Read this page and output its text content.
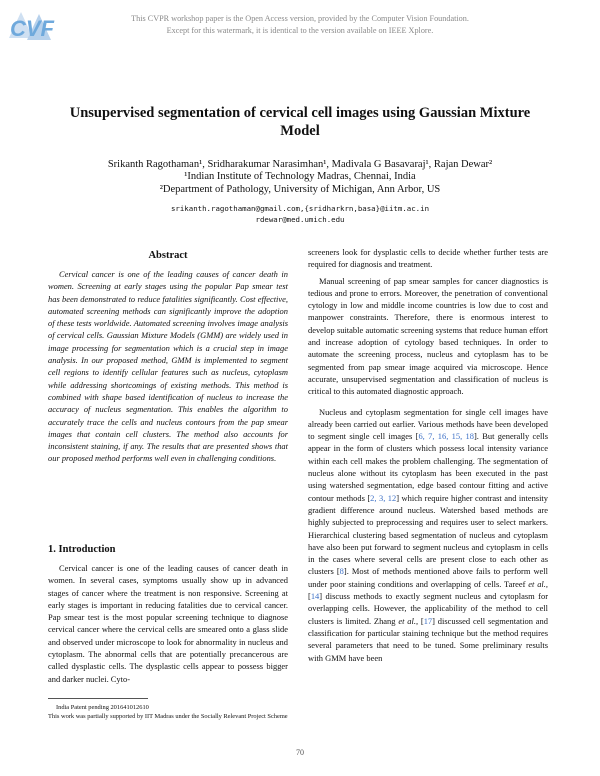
CVF	This CVPR workshop paper is the Open Access version, provided by the Computer Vision Foundation.
Except for this watermark, it is identical to the version available on IEEE Xplore.
Unsupervised segmentation of cervical cell images using Gaussian Mixture
Model
Srikanth Ragothaman¹, Sridharakumar Narasimhan¹, Madivala G Basavaraj¹, Rajan Dewar²
¹Indian Institute of Technology Madras, Chennai, India
²Department of Pathology, University of Michigan, Ann Arbor, US
srikanth.ragothaman@gmail.com,{sridharkrn,basa}@iitm.ac.in
rdewar@med.umich.edu
Abstract

Cervical cancer is one of the leading causes of cancer death in women. Screening at early stages using the popular Pap smear test has been demonstrated to reduce fatalities significantly. Cost effective, automated screening methods can significantly improve the adoption of these tests worldwide. Automated screening involves image analysis of cervical cells. Gaussian Mixture Models (GMM) are widely used in image processing for segmentation which is a crucial step in image analysis. In our proposed method, GMM is implemented to segment cell regions to identify cellular features such as nucleus, cytoplasm while addressing shortcomings of existing methods. This method is combined with shape based identification of nucleus to increase the accuracy of nucleus segmentation. This enables the algorithm to accurately trace the cells and nucleus contours from the pap smear images that contain cell clusters. The method also accounts for inconsistent staining, if any. The results that are presented shows that our proposed method performs well even in challenging conditions.

1. Introduction

Cervical cancer is one of the leading causes of cancer death in women. In several cases, symptoms usually show up in advanced stages of cancer where the treatment is non responsive. Screening at early stages is important in reducing fatalities due to cervical cancer. Pap smear test is the most popular screening technique to diagnose cervical cancer where the cervical cells are smeared onto a glass slide and observed under microscope to look for abnormality in nucleus and cytoplasm. The abnormal cells that are potentially precancerous are called dysplastic cells. The dysplastic cells appear to possess bigger and darker nuclei. Cyto-

India Patent pending 201641012610
This work was partially supported by IIT Madras under the Socially Relevant Project Scheme

screeners look for dysplastic cells to decide whether further tests are required for diagnosis and treatment.

Manual screening of pap smear samples for cancer diagnostics is tedious and prone to errors. Moreover, the penetration of conventional cytology in low and middle income countries is low due to cost and manpower constraints. Therefore, there is enormous interest to develop suitable automatic screening systems that reduce human effort and increase adoption of cytology based techniques. In order to automate the screening process, nucleus and cytoplasm has to be segmented from pap smear image acquired via microscope. Hence accurate, unsupervised segmentation and classification of nucleus is critical to this automated diagnostic approach.

Nucleus and cytoplasm segmentation for single cell images have already been carried out earlier. Various methods have been developed to segment single cell images [6, 7, 16, 15, 18]. But generally cells appear in the form of clusters which possess local intensity variance within each cell makes the problem challenging. The segmentation of nucleus alone without its cytoplasm has been executed in the past using watershed segmentation, edge based contour fitting and active contour methods [2, 3, 12] which require higher contrast and intensity gradient difference around nucleus. Watershed based methods are highly subjected to preprocessing and requires user to select markers. Hierarchical clustering based segmentation of nucleus and cytoplasm have also been put forward to segment nucleus and cytoplasm in cells in the cases where several cells are present close to each other as clusters [8]. Most of methods mentioned above fails to perform well under poor staining conditions and overlapping of cells. Tareef et al., [14] discuss methods to exactly segment nucleus and cytoplasm for overlapping cells. However, the applicability of the method to cell clusters is limited. Zhang et al., [17] discussed cell segmentation and classification for particular staining technique but the method requires several parameters that need to be tuned. Some preliminary results with GMM have been

70
